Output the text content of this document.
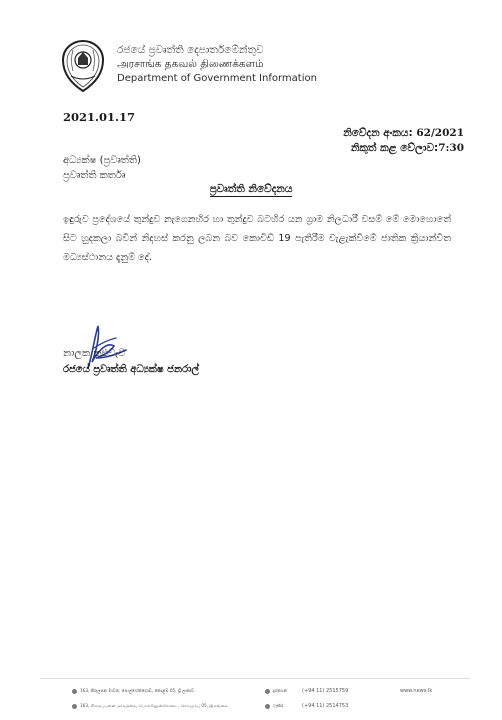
රජයේ ප්‍රවෘත්ති දෙපාර්තමේන්තුව
அரசாங்க தகவல் திணைக்களம்
Department of Government Information
2021.01.17
නිවේදන අංකය: 62/2021
නිකුත් කළ වේලාව:7:30
අධ්‍යක්ෂ (ප්‍රවෘත්ති)
ප්‍රවෘත්ති කර්තෘ
ප්‍රවෘත්ති නිවේදනය
ඉඳුරුව ප්‍රදේශයේ තුන්දුව නැගෙනහිර හා තුන්දුව බටහිර යන ග්‍රාම නිලධාරී වසම් මේ මොහොතේ සිට හුදකලා බවින් නිදහස් කරනු ලබන බව කොවිඩ් 19 පැතිරීම වැළැක්වීමේ ජාතික ක්‍රියාන්විත මධ්‍යස්ථානය දැනුම් දේ.
නාලක කළුවැව
රජයේ ප්‍රවෘත්ති අධ්‍යක්ෂ ජනරාල්
163, කිරුලපන මාවත, පොල්හේන්ගොඩ, කොළඹ 05, ශ්‍රී ලංකාව.
163, கிருலப்பனை மாவத்தை, பொல்ஹேன்கொடை, கொழும்பு 05, இலங்கை.
දුරකථන	(+94 11) 2515759
ෆැක්ස්	(+94 11) 2514753
www.news.lk
